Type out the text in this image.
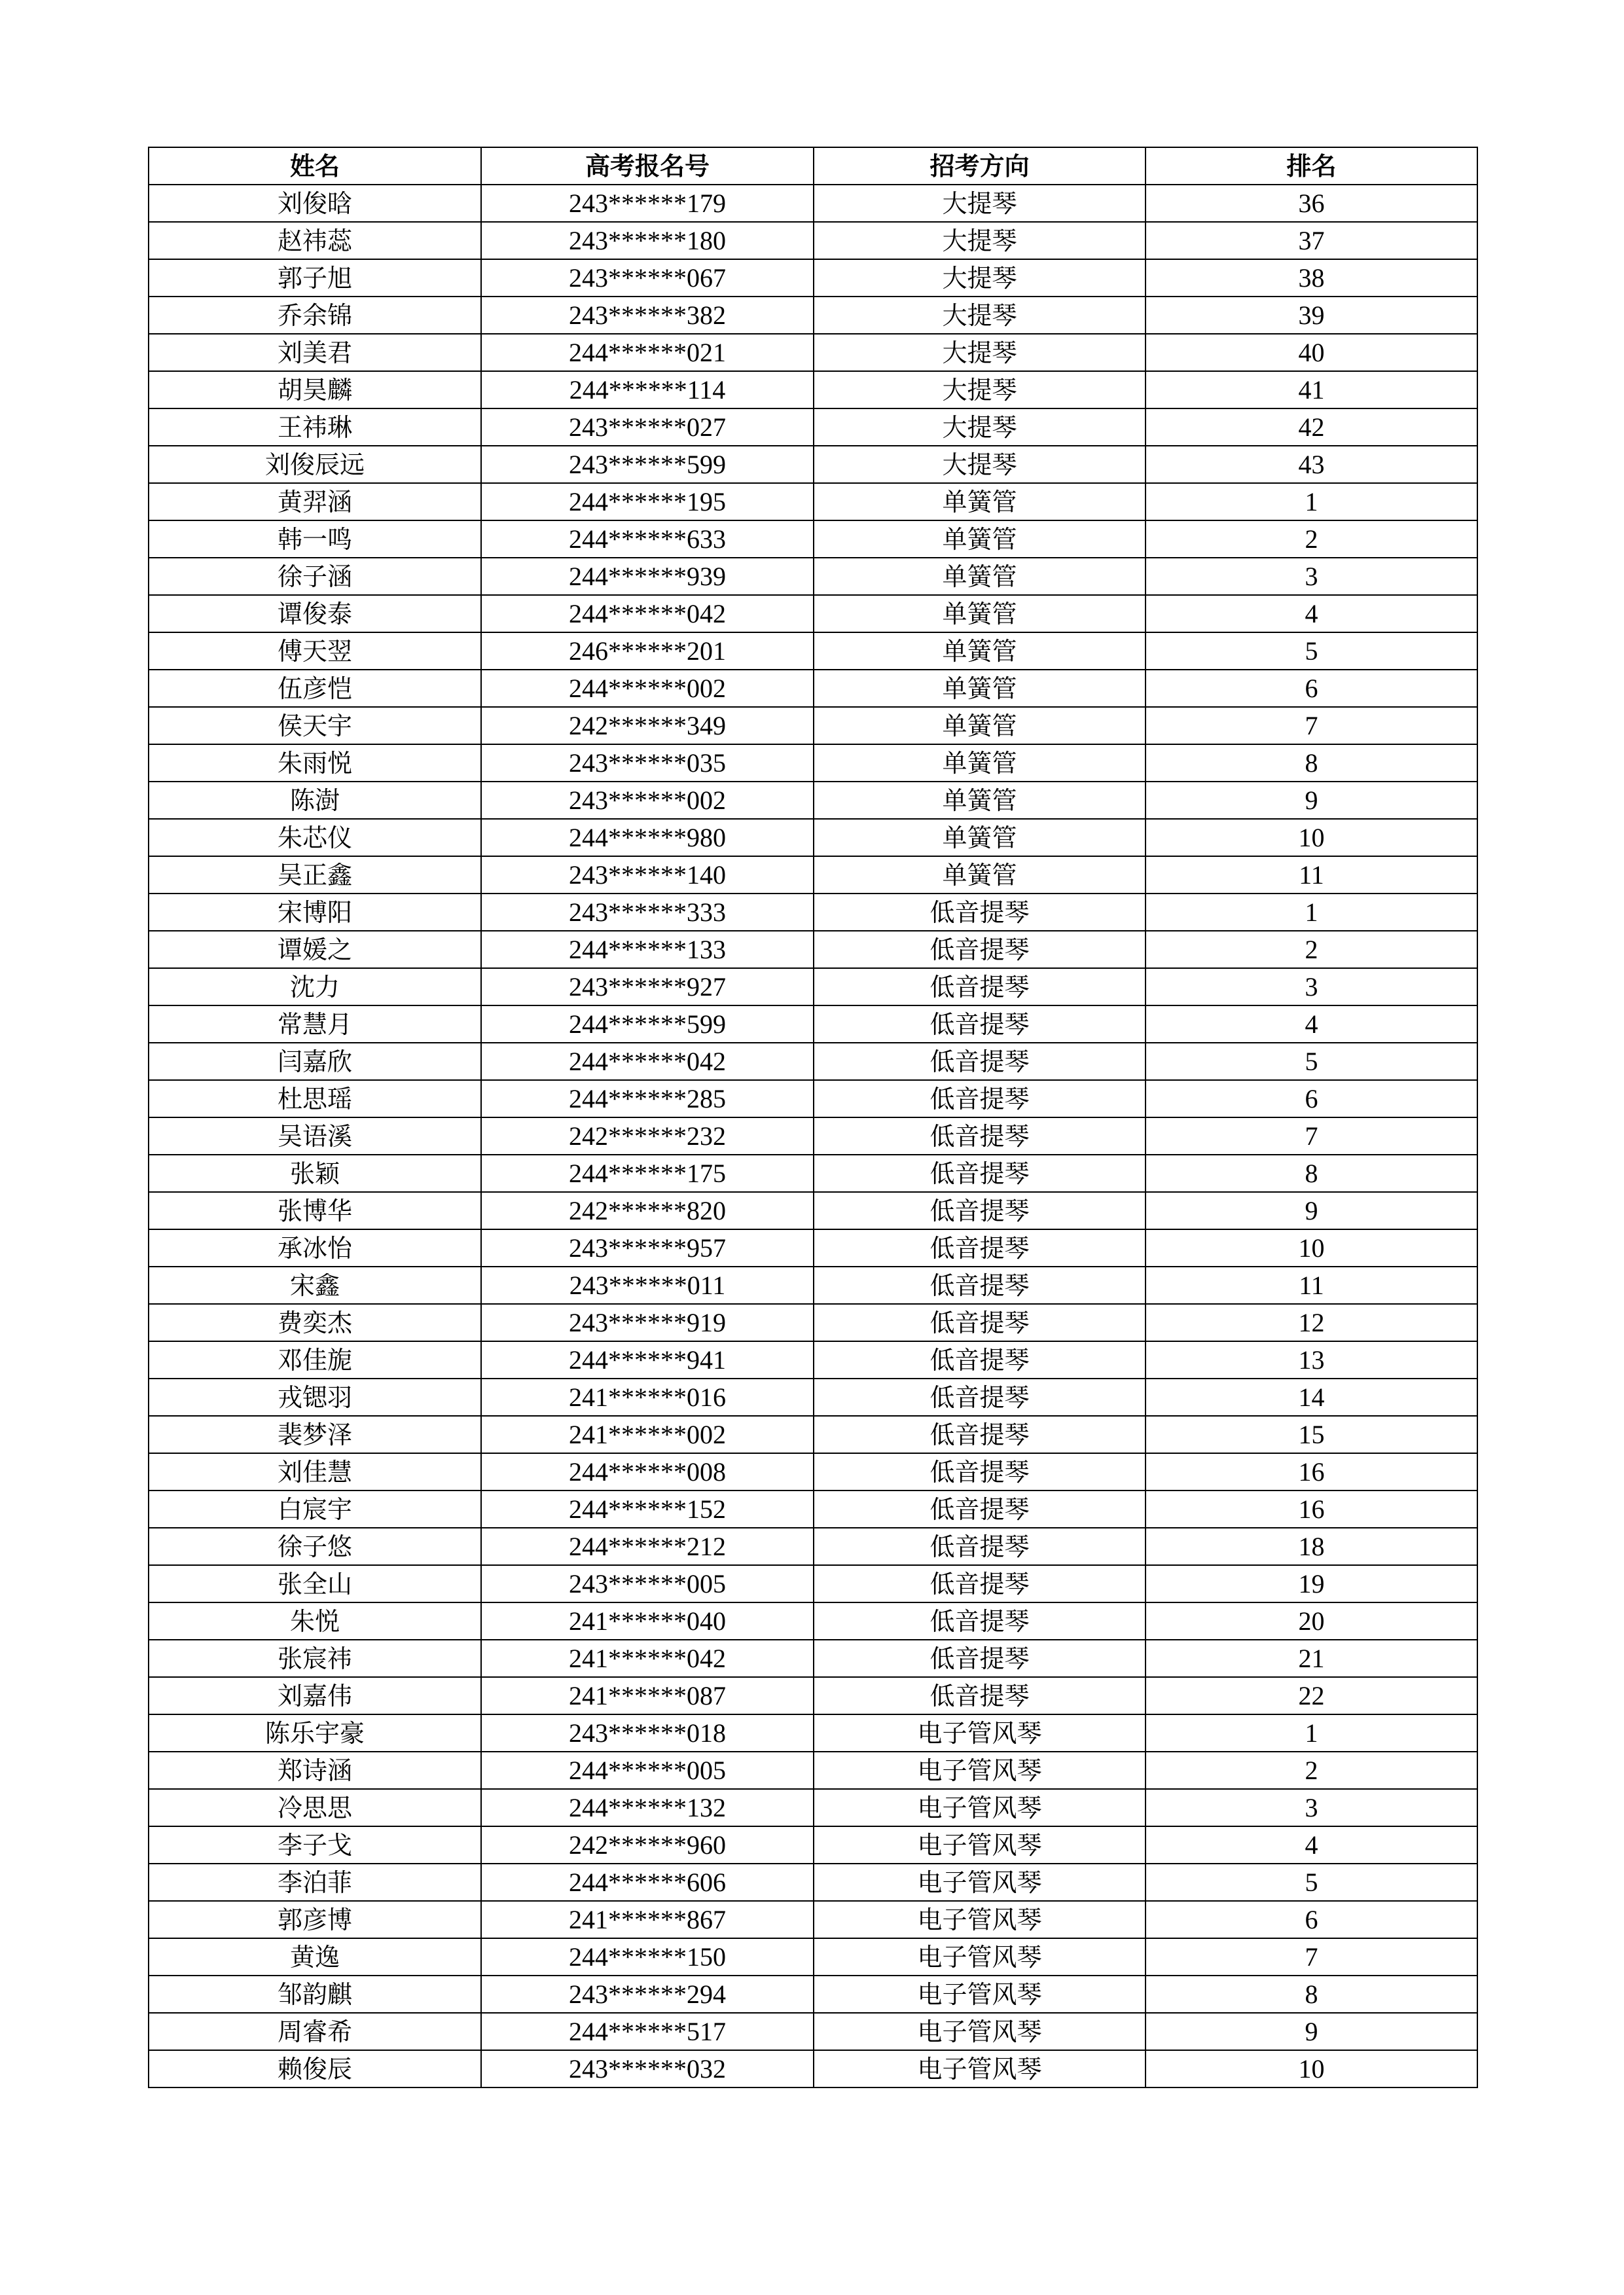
姓名	高考报名号	招考方向	排名
刘俊晗	243******179	大提琴	36
赵祎蕊	243******180	大提琴	37
郭子旭	243******067	大提琴	38
乔余锦	243******382	大提琴	39
刘美君	244******021	大提琴	40
胡昊麟	244******114	大提琴	41
王祎琳	243******027	大提琴	42
刘俊辰远	243******599	大提琴	43
黄羿涵	244******195	单簧管	1
韩一鸣	244******633	单簧管	2
徐子涵	244******939	单簧管	3
谭俊泰	244******042	单簧管	4
傅天翌	246******201	单簧管	5
伍彦恺	244******002	单簧管	6
侯天宇	242******349	单簧管	7
朱雨悦	243******035	单簧管	8
陈澍	243******002	单簧管	9
朱芯仪	244******980	单簧管	10
吴正鑫	243******140	单簧管	11
宋博阳	243******333	低音提琴	1
谭媛之	244******133	低音提琴	2
沈力	243******927	低音提琴	3
常慧月	244******599	低音提琴	4
闫嘉欣	244******042	低音提琴	5
杜思瑶	244******285	低音提琴	6
吴语溪	242******232	低音提琴	7
张颖	244******175	低音提琴	8
张博华	242******820	低音提琴	9
承冰怡	243******957	低音提琴	10
宋鑫	243******011	低音提琴	11
费奕杰	243******919	低音提琴	12
邓佳旎	244******941	低音提琴	13
戎锶羽	241******016	低音提琴	14
裴梦泽	241******002	低音提琴	15
刘佳慧	244******008	低音提琴	16
白宸宇	244******152	低音提琴	16
徐子悠	244******212	低音提琴	18
张全山	243******005	低音提琴	19
朱悦	241******040	低音提琴	20
张宸祎	241******042	低音提琴	21
刘嘉伟	241******087	低音提琴	22
陈乐宇豪	243******018	电子管风琴	1
郑诗涵	244******005	电子管风琴	2
冷思思	244******132	电子管风琴	3
李子戈	242******960	电子管风琴	4
李泊菲	244******606	电子管风琴	5
郭彦博	241******867	电子管风琴	6
黄逸	244******150	电子管风琴	7
邹韵麒	243******294	电子管风琴	8
周睿希	244******517	电子管风琴	9
赖俊辰	243******032	电子管风琴	10
